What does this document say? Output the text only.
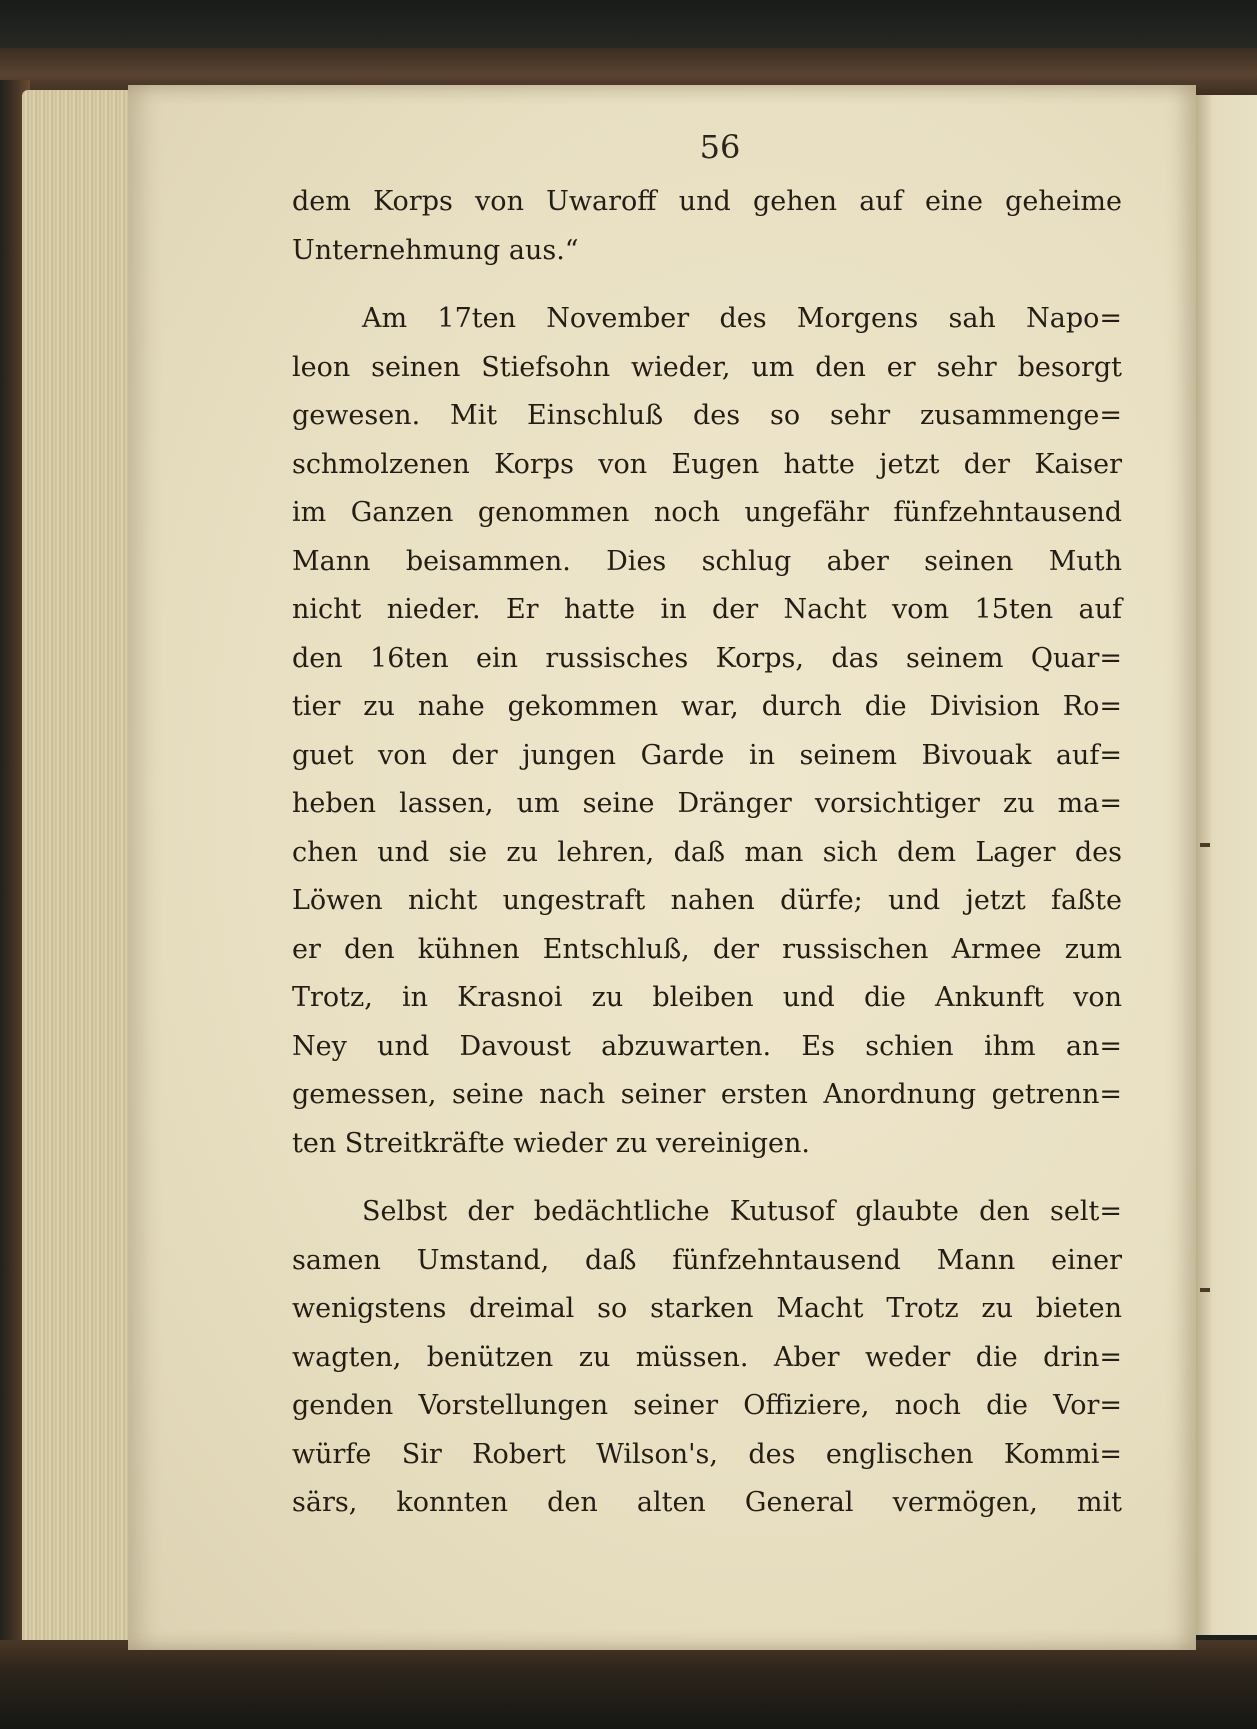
56
dem Korps von Uwaroff und gehen auf eine geheime
Unternehmung aus.“
Am 17ten November des Morgens sah Napo=
leon seinen Stiefsohn wieder, um den er sehr besorgt
gewesen. Mit Einschluß des so sehr zusammenge=
schmolzenen Korps von Eugen hatte jetzt der Kaiser
im Ganzen genommen noch ungefähr fünfzehntausend
Mann beisammen. Dies schlug aber seinen Muth
nicht nieder. Er hatte in der Nacht vom 15ten auf
den 16ten ein russisches Korps, das seinem Quar=
tier zu nahe gekommen war, durch die Division Ro=
guet von der jungen Garde in seinem Bivouak auf=
heben lassen, um seine Dränger vorsichtiger zu ma=
chen und sie zu lehren, daß man sich dem Lager des
Löwen nicht ungestraft nahen dürfe; und jetzt faßte
er den kühnen Entschluß, der russischen Armee zum
Trotz, in Krasnoi zu bleiben und die Ankunft von
Ney und Davoust abzuwarten. Es schien ihm an=
gemessen, seine nach seiner ersten Anordnung getrenn=
ten Streitkräfte wieder zu vereinigen.
Selbst der bedächtliche Kutusof glaubte den selt=
samen Umstand, daß fünfzehntausend Mann einer
wenigstens dreimal so starken Macht Trotz zu bieten
wagten, benützen zu müssen. Aber weder die drin=
genden Vorstellungen seiner Offiziere, noch die Vor=
würfe Sir Robert Wilson's, des englischen Kommi=
särs, konnten den alten General vermögen, mit
